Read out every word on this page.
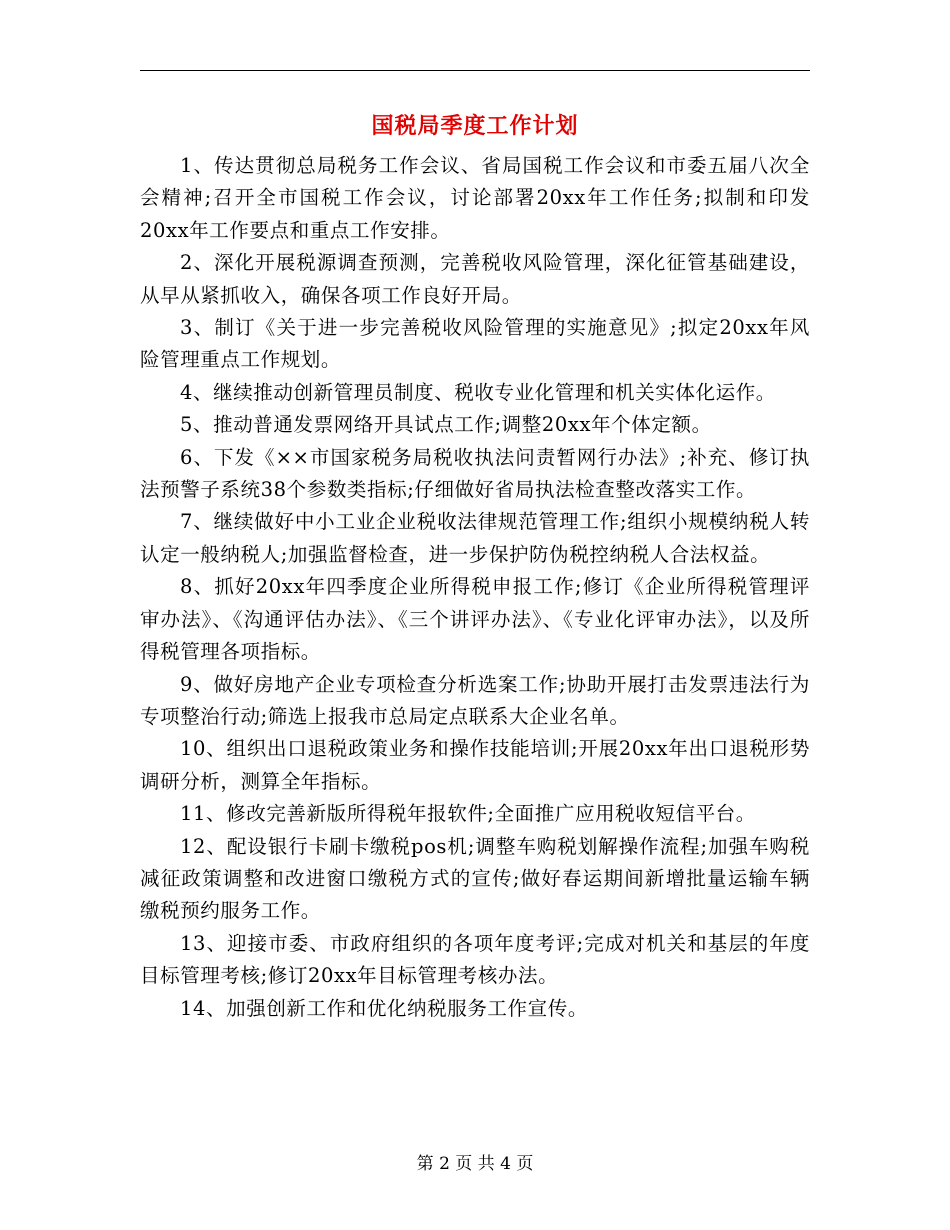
国税局季度工作计划

1、传达贯彻总局税务工作会议、省局国税工作会议和市委五届八次全会精神;召开全市国税工作会议，讨论部署20xx年工作任务;拟制和印发20xx年工作要点和重点工作安排。

2、深化开展税源调查预测，完善税收风险管理，深化征管基础建设，从早从紧抓收入，确保各项工作良好开局。

3、制订《关于进一步完善税收风险管理的实施意见》;拟定20xx年风险管理重点工作规划。

4、继续推动创新管理员制度、税收专业化管理和机关实体化运作。

5、推动普通发票网络开具试点工作;调整20xx年个体定额。

6、下发《××市国家税务局税收执法问责暂网行办法》;补充、修订执法预警子系统38个参数类指标;仔细做好省局执法检查整改落实工作。

7、继续做好中小工业企业税收法律规范管理工作;组织小规模纳税人转认定一般纳税人;加强监督检查，进一步保护防伪税控纳税人合法权益。

8、抓好20xx年四季度企业所得税申报工作;修订《企业所得税管理评审办法》、《沟通评估办法》、《三个讲评办法》、《专业化评审办法》，以及所得税管理各项指标。

9、做好房地产企业专项检查分析选案工作;协助开展打击发票违法行为专项整治行动;筛选上报我市总局定点联系大企业名单。

10、组织出口退税政策业务和操作技能培训;开展20xx年出口退税形势调研分析，测算全年指标。

11、修改完善新版所得税年报软件;全面推广应用税收短信平台。

12、配设银行卡刷卡缴税pos机;调整车购税划解操作流程;加强车购税减征政策调整和改进窗口缴税方式的宣传;做好春运期间新增批量运输车辆缴税预约服务工作。

13、迎接市委、市政府组织的各项年度考评;完成对机关和基层的年度目标管理考核;修订20xx年目标管理考核办法。

14、加强创新工作和优化纳税服务工作宣传。

第 2 页 共 4 页
